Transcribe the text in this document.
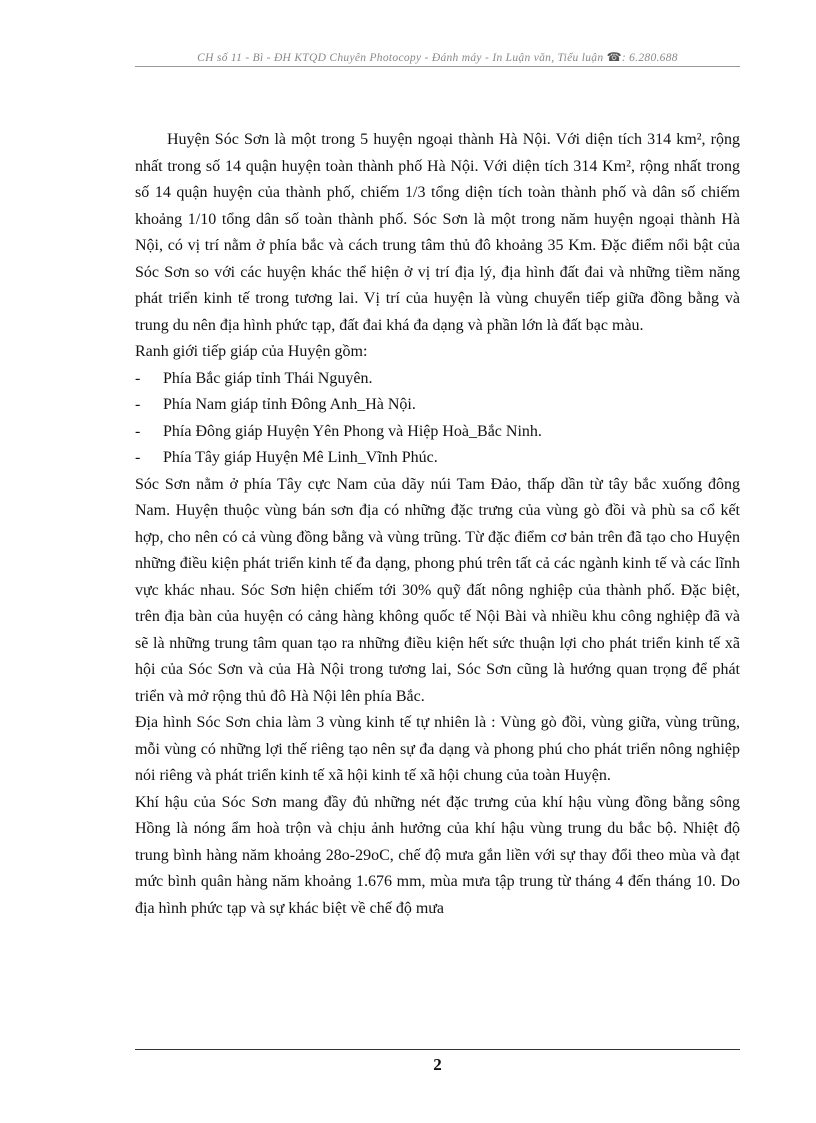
CH số 11 - Bì - ĐH KTQD Chuyên Photocopy - Đánh máy - In Luận văn, Tiểu luận ☎: 6.280.688

Huyện Sóc Sơn là một trong 5 huyện ngoại thành Hà Nội. Với diện tích 314 km², rộng nhất trong số 14 quận huyện toàn thành phố Hà Nội. Với diện tích 314 Km², rộng nhất trong số 14 quận huyện của thành phố, chiếm 1/3 tổng diện tích toàn thành phố và dân số chiếm khoảng 1/10 tổng dân số toàn thành phố. Sóc Sơn là một trong năm huyện ngoại thành Hà Nội, có vị trí nằm ở phía bắc và cách trung tâm thủ đô khoảng 35 Km. Đặc điểm nổi bật của Sóc Sơn so với các huyện khác thể hiện ở vị trí địa lý, địa hình đất đai và những tiềm năng phát triển kinh tế trong tương lai. Vị trí của huyện là vùng chuyển tiếp giữa đồng bằng và trung du nên địa hình phức tạp, đất đai khá đa dạng và phần lớn là đất bạc màu.

Ranh giới tiếp giáp của Huyện gồm:

-	Phía Bắc giáp tỉnh Thái Nguyên.
-	Phía Nam giáp tỉnh Đông Anh_Hà Nội.
-	Phía Đông giáp Huyện Yên Phong và Hiệp Hoà_Bắc Ninh.
-	Phía Tây giáp Huyện Mê Linh_Vĩnh Phúc.

Sóc Sơn nằm ở phía Tây cực Nam của dãy núi Tam Đảo, thấp dần từ tây bắc xuống đông Nam. Huyện thuộc vùng bán sơn địa có những đặc trưng của vùng gò đồi và phù sa cổ kết hợp, cho nên có cả vùng đồng bằng và vùng trũng. Từ đặc điểm cơ bản trên đã tạo cho Huyện những điều kiện phát triển kinh tế đa dạng, phong phú trên tất cả các ngành kinh tế và các lĩnh vực khác nhau. Sóc Sơn hiện chiếm tới 30% quỹ đất nông nghiệp của thành phố. Đặc biệt, trên địa bàn của huyện có cảng hàng không quốc tế Nội Bài và nhiều khu công nghiệp đã và sẽ là những trung tâm quan tạo ra những điều kiện hết sức thuận lợi cho phát triển kinh tế xã hội của Sóc Sơn và của Hà Nội trong tương lai, Sóc Sơn cũng là hướng quan trọng để phát triển và mở rộng thủ đô Hà Nội lên phía Bắc.

Địa hình Sóc Sơn chia làm 3 vùng kinh tế tự nhiên là : Vùng gò đồi, vùng giữa, vùng trũng, mỗi vùng có những lợi thế riêng tạo nên sự đa dạng và phong phú cho phát triển nông nghiệp nói riêng và phát triển kinh tế xã hội kinh tế xã hội chung của toàn Huyện.

Khí hậu của Sóc Sơn mang đầy đủ những nét đặc trưng của khí hậu vùng đồng bằng sông Hồng là nóng ẩm hoà trộn và chịu ảnh hưởng của khí hậu vùng trung du bắc bộ. Nhiệt độ trung bình hàng năm khoảng 28o-29oC, chế độ mưa gắn liền với sự thay đổi theo mùa và đạt mức bình quân hàng năm khoảng 1.676 mm, mùa mưa tập trung từ tháng 4 đến tháng 10. Do địa hình phức tạp và sự khác biệt về chế độ mưa

2
